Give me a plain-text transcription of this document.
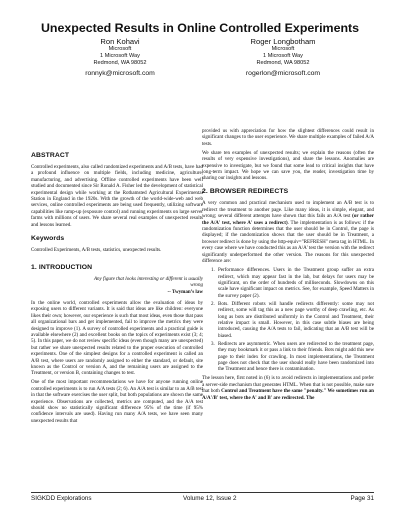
Unexpected Results in Online Controlled Experiments
Ron Kohavi
Microsoft
1 Microsoft Way
Redmond, WA 98052
ronnyk@microsoft.com
Roger Longbotham
Microsoft
1 Microsoft Way
Redmond, WA 98052
rogerlon@microsoft.com
ABSTRACT

Controlled experiments, also called randomized experiments and A/B tests, have had a profound influence on multiple fields, including medicine, agriculture, manufacturing, and advertising. Offline controlled experiments have been well studied and documented since Sir Ronald A. Fisher led the development of statistical experimental design while working at the Rothamsted Agricultural Experimental Station in England in the 1920s. With the growth of the world-wide-web and web services, online controlled experiments are being used frequently, utilizing software capabilities like ramp-up (exposure control) and running experiments on large server farms with millions of users. We share several real examples of unexpected results and lessons learned.

Keywords

Controlled Experiments, A/B tests, statistics, unexpected results.

1. INTRODUCTION
Any figure that looks interesting or different is usually wrong
-- Twyman’s law

In the online world, controlled experiments allow the evaluation of ideas by exposing users to different variants. It is said that ideas are like children: everyone likes their own; however, our experience is such that most ideas, even those that pass all organizational bars and get implemented, fail to improve the metrics they were designed to improve (1). A survey of controlled experiments and a practical guide is available elsewhere (2) and excellent books on the topics of experiments exist (3; 4; 5). In this paper, we do not review specific ideas (even though many are unexpected) but rather we share unexpected results related to the proper execution of controlled experiments. One of the simplest designs for a controlled experiment is called an A/B test, where users are randomly assigned to either the standard, or default, site known as the Control or version A, and the remaining users are assigned to the Treatment, or version B, containing changes to test.

One of the most important recommendations we have for anyone running online controlled experiments is to run A/A tests (2; 6). An A/A test is similar to an A/B test in that the software exercises the user split, but both populations are shown the same experience. Observations are collected, metrics are computed, and the A/A test should show no statistically significant difference 95% of the time (if 95% confidence intervals are used). Having run many A/A tests, we have seen many unexpected results that

provided us with appreciation for how the slightest differences could result in significant changes to the user experience. We share multiple examples of failed A/A tests.

We share ten examples of unexpected results; we explain the reasons (often the results of very expensive investigations), and share the lessons. Anomalies are expensive to investigate, but we found that some lead to critical insights that have long-term impact. We hope we can save you, the reader, investigation time by sharing our insights and lessons.

2. BROWSER REDIRECTS

A very common and practical mechanism used to implement an A/B test is to redirect the treatment to another page. Like many ideas, it is simple, elegant, and wrong; several different attempts have shown that this fails an A/A test (or rather the A/A' test, where A' uses a redirect). The implementation is as follows: if the randomization function determines that the user should be in Control, the page is displayed; if the randomization shows that the user should be in Treatment, a browser redirect is done by using the http-equiv="REFRESH" meta tag in HTML. In every case where we have conducted this as an A/A' test the version with the redirect significantly underperformed the other version. The reasons for this unexpected difference are:

1. Performance differences. Users in the Treatment group suffer an extra redirect, which may appear fast in the lab, but delays for users may be significant, on the order of hundreds of milliseconds. Slowdowns on this scale have significant impact on metrics. See, for example, Speed Matters in the survey paper (2).
2. Bots. Different robots will handle redirects differently: some may not redirect, some will tag this as a new page worthy of deep crawling, etc. As long as bots are distributed uniformly in the Control and Treatment, their relative impact is small. However, in this case subtle biases are being introduced, causing the A/A tests to fail, indicating that an A/B test will be biased.
3. Redirects are asymmetric. When users are redirected to the treatment page, they may bookmark it or pass a link to their friends. Bots might add this new page to their index for crawling. In most implementations, the Treatment page does not check that the user should really have been randomized into the Treatment and hence there is contamination.

The lesson here, first noted in (6) is to avoid redirects in implementations and prefer a server-side mechanism that generates HTML. When that is not possible, make sure that both Control and Treatment have the same "penalty." We sometimes run an A/A'/B' test, where the A' and B' are redirected. The

SIGKDD Explorations	Volume 12, Issue 2	Page 31
